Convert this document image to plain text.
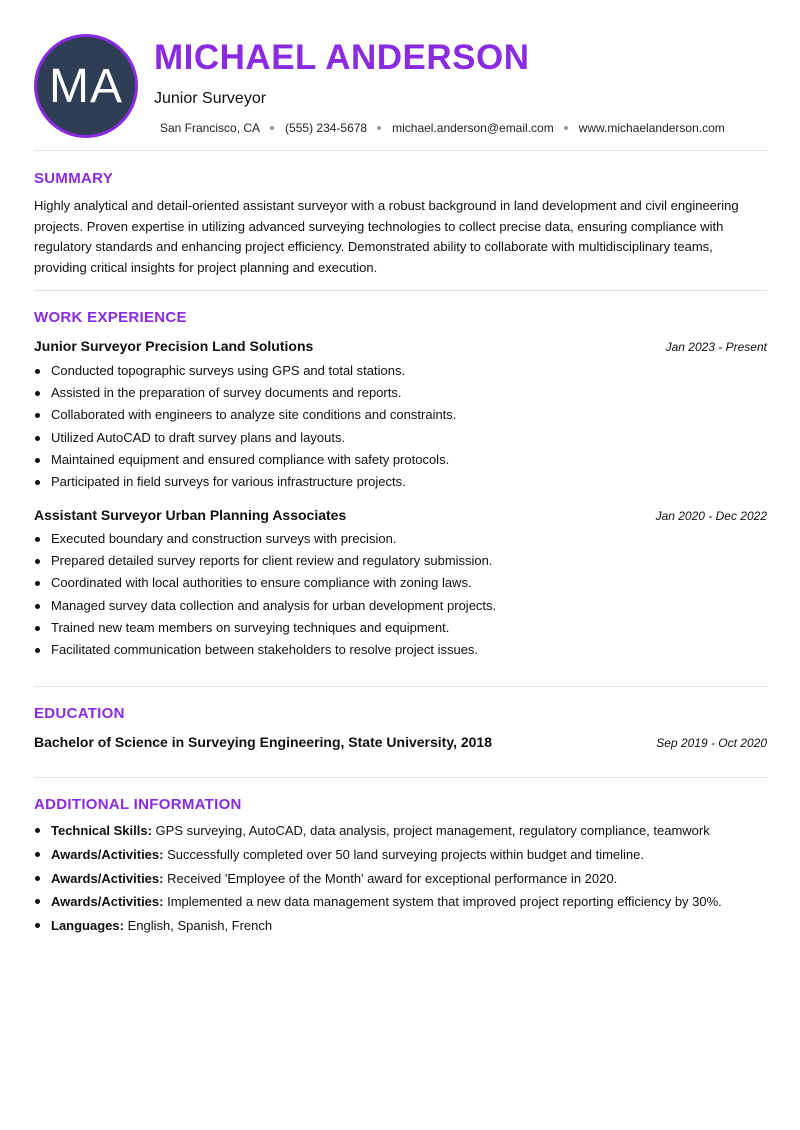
MA
MICHAEL ANDERSON
Junior Surveyor
San Francisco, CA (555) 234-5678 michael.anderson@email.com www.michaelanderson.com
SUMMARY
Highly analytical and detail-oriented assistant surveyor with a robust background in land development and civil engineering projects. Proven expertise in utilizing advanced surveying technologies to collect precise data, ensuring compliance with regulatory standards and enhancing project efficiency. Demonstrated ability to collaborate with multidisciplinary teams, providing critical insights for project planning and execution.
WORK EXPERIENCE
Junior Surveyor Precision Land Solutions	Jan 2023 - Present
Conducted topographic surveys using GPS and total stations.
Assisted in the preparation of survey documents and reports.
Collaborated with engineers to analyze site conditions and constraints.
Utilized AutoCAD to draft survey plans and layouts.
Maintained equipment and ensured compliance with safety protocols.
Participated in field surveys for various infrastructure projects.
Assistant Surveyor Urban Planning Associates	Jan 2020 - Dec 2022
Executed boundary and construction surveys with precision.
Prepared detailed survey reports for client review and regulatory submission.
Coordinated with local authorities to ensure compliance with zoning laws.
Managed survey data collection and analysis for urban development projects.
Trained new team members on surveying techniques and equipment.
Facilitated communication between stakeholders to resolve project issues.
EDUCATION
Bachelor of Science in Surveying Engineering, State University, 2018	Sep 2019 - Oct 2020
ADDITIONAL INFORMATION
Technical Skills: GPS surveying, AutoCAD, data analysis, project management, regulatory compliance, teamwork
Awards/Activities: Successfully completed over 50 land surveying projects within budget and timeline.
Awards/Activities: Received 'Employee of the Month' award for exceptional performance in 2020.
Awards/Activities: Implemented a new data management system that improved project reporting efficiency by 30%.
Languages: English, Spanish, French
